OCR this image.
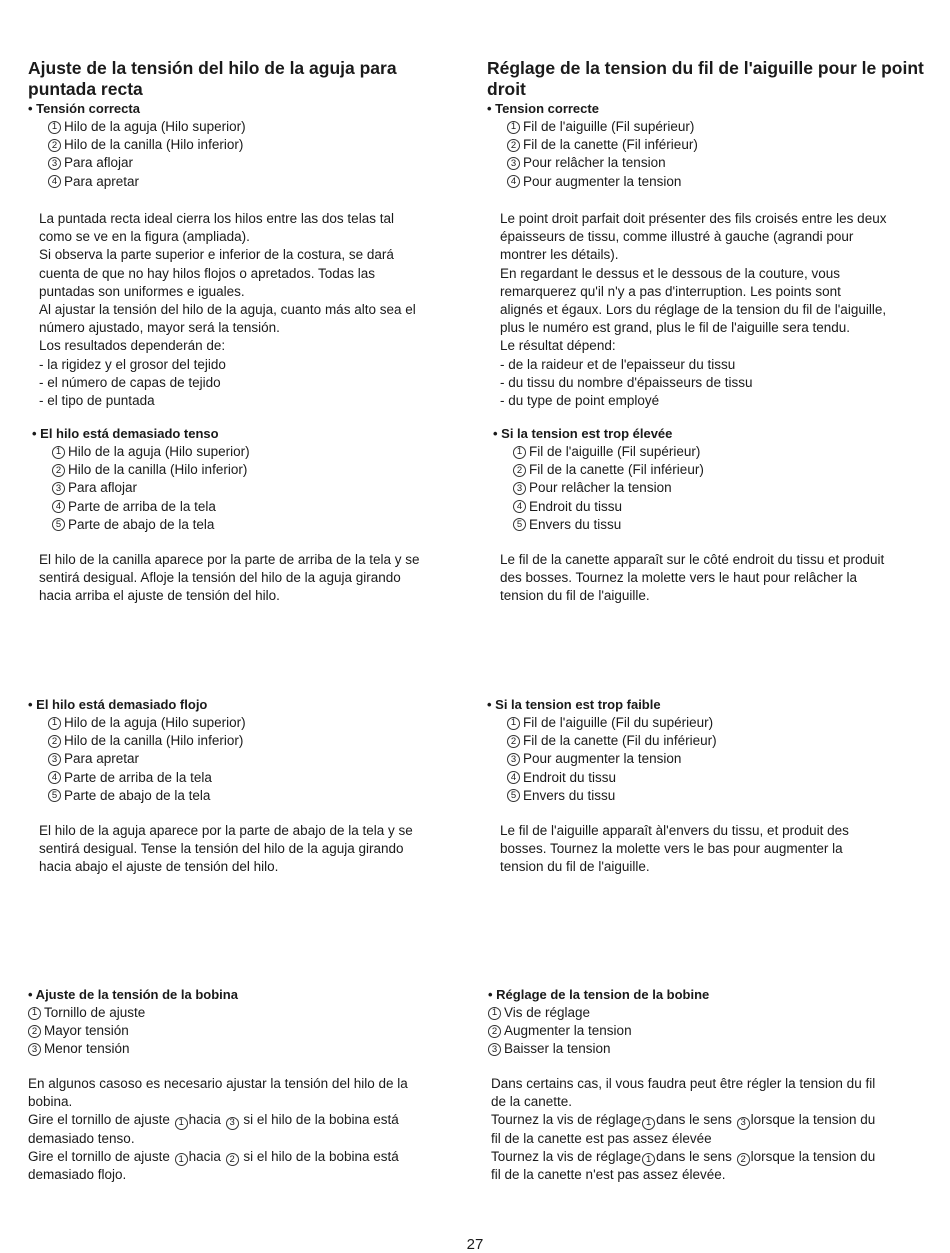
Ajuste de la tensión del hilo de la aguja para puntada recta

• Tensión correcta

1 Hilo de la aguja (Hilo superior)
2 Hilo de la canilla (Hilo inferior)
3 Para aflojar
4 Para apretar
La puntada recta ideal cierra los hilos entre las dos telas tal
como se ve en la figura (ampliada).
Si observa la parte superior e inferior de la costura, se dará
cuenta de que no hay hilos flojos o apretados. Todas las
puntadas son uniformes e iguales.
Al ajustar la tensión del hilo de la aguja, cuanto más alto sea el
número ajustado, mayor será la tensión.
Los resultados dependerán de:
- la rigidez y el grosor del tejido
- el número de capas de tejido
- el tipo de puntada

• El hilo está demasiado tenso

1 Hilo de la aguja (Hilo superior)
2 Hilo de la canilla (Hilo inferior)
3 Para aflojar
4 Parte de arriba de la tela
5 Parte de abajo de la tela
El hilo de la canilla aparece por la parte de arriba de la tela y se
sentirá desigual. Afloje la tensión del hilo de la aguja girando
hacia arriba el ajuste de tensión del hilo.

• El hilo está demasiado flojo

1 Hilo de la aguja (Hilo superior)
2 Hilo de la canilla (Hilo inferior)
3 Para apretar
4 Parte de arriba de la tela
5 Parte de abajo de la tela
El hilo de la aguja aparece por la parte de abajo de la tela y se
sentirá desigual. Tense la tensión del hilo de la aguja girando
hacia abajo el ajuste de tensión del hilo.

• Ajuste de la tensión de la bobina

1 Tornillo de ajuste
2 Mayor tensión
3 Menor tensión
En algunos casoso es necesario ajustar la tensión del hilo de la
bobina.
Gire el tornillo de ajuste 1 hacia 3 si el hilo de la bobina está
demasiado tenso.
Gire el tornillo de ajuste 1 hacia 2 si el hilo de la bobina está
demasiado flojo.
Réglage de la tension du fil de l'aiguille pour le point droit

• Tension correcte

1 Fil de l'aiguille (Fil supérieur)
2 Fil de la canette (Fil inférieur)
3 Pour relâcher la tension
4 Pour augmenter la tension
Le point droit parfait doit présenter des fils croisés entre les deux
épaisseurs de tissu, comme illustré à gauche (agrandi pour
montrer les détails).
En regardant le dessus et le dessous de la couture, vous
remarquerez qu'il n'y a pas d'interruption. Les points sont
alignés et égaux. Lors du réglage de la tension du fil de l'aiguille,
plus le numéro est grand, plus le fil de l'aiguille sera tendu.
Le résultat dépend:
- de la raideur et de l'epaisseur du tissu
- du tissu du nombre d'épaisseurs de tissu
- du type de point employé

• Si la tension est trop élevée

1 Fil de l'aiguille (Fil supérieur)
2 Fil de la canette (Fil inférieur)
3 Pour relâcher la tension
4 Endroit du tissu
5 Envers du tissu
Le fil de la canette apparaît sur le côté endroit du tissu et produit
des bosses. Tournez la molette vers le haut pour relâcher la
tension du fil de l'aiguille.

• Si la tension est trop faible

1 Fil de l'aiguille (Fil du supérieur)
2 Fil de la canette (Fil du inférieur)
3 Pour augmenter la tension
4 Endroit du tissu
5 Envers du tissu
Le fil de l'aiguille apparaît àl'envers du tissu, et produit des
bosses. Tournez la molette vers le bas pour augmenter la
tension du fil de l'aiguille.

• Réglage de la tension de la bobine

1 Vis de réglage
2 Augmenter la tension
3 Baisser la tension
Dans certains cas, il vous faudra peut être régler la tension du fil
de la canette.
Tournez la vis de réglage 1 dans le sens 3 lorsque la tension du
fil de la canette est pas assez élevée
Tournez la vis de réglage 1 dans le sens 2 lorsque la tension du
fil de la canette n'est pas assez élevée.
27
